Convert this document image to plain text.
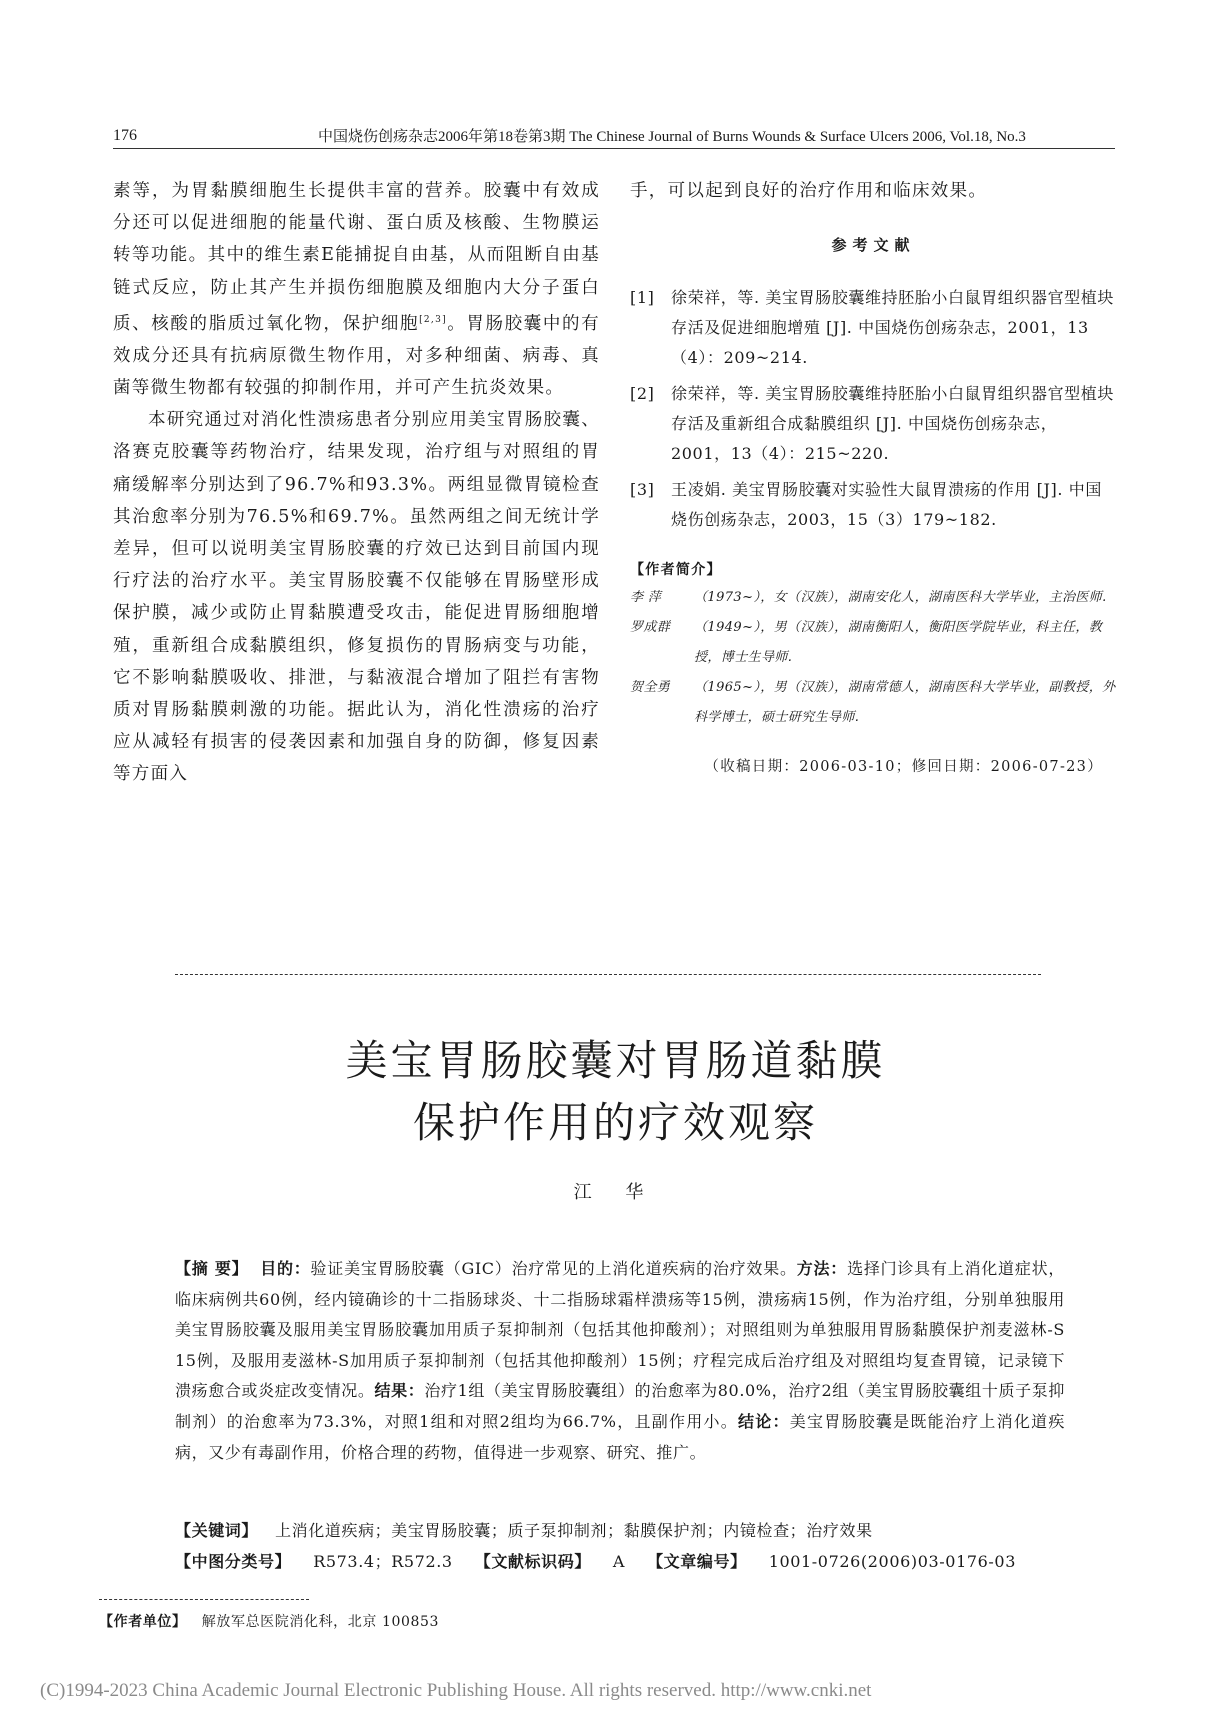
176	中国烧伤创疡杂志2006年第18卷第3期 The Chinese Journal of Burns Wounds & Surface Ulcers 2006, Vol.18, No.3

素等，为胃黏膜细胞生长提供丰富的营养。胶囊中有效成分还可以促进细胞的能量代谢、蛋白质及核酸、生物膜运转等功能。其中的维生素E能捕捉自由基，从而阻断自由基链式反应，防止其产生并损伤细胞膜及细胞内大分子蛋白质、核酸的脂质过氧化物，保护细胞[2,3]。胃肠胶囊中的有效成分还具有抗病原微生物作用，对多种细菌、病毒、真菌等微生物都有较强的抑制作用，并可产生抗炎效果。

本研究通过对消化性溃疡患者分别应用美宝胃肠胶囊、洛赛克胶囊等药物治疗，结果发现，治疗组与对照组的胃痛缓解率分别达到了96.7%和93.3%。两组显微胃镜检查其治愈率分别为76.5%和69.7%。虽然两组之间无统计学差异，但可以说明美宝胃肠胶囊的疗效已达到目前国内现行疗法的治疗水平。美宝胃肠胶囊不仅能够在胃肠壁形成保护膜，减少或防止胃黏膜遭受攻击，能促进胃肠细胞增殖，重新组合成黏膜组织，修复损伤的胃肠病变与功能，它不影响黏膜吸收、排泄，与黏液混合增加了阻拦有害物质对胃肠黏膜刺激的功能。据此认为，消化性溃疡的治疗应从减轻有损害的侵袭因素和加强自身的防御，修复因素等方面入

手，可以起到良好的治疗作用和临床效果。

参考文献
[1] 徐荣祥，等. 美宝胃肠胶囊维持胚胎小白鼠胃组织器官型植块存活及促进细胞增殖 [J]. 中国烧伤创疡杂志，2001，13（4）：209~214.
[2] 徐荣祥，等. 美宝胃肠胶囊维持胚胎小白鼠胃组织器官型植块存活及重新组合成黏膜组织 [J]. 中国烧伤创疡杂志，2001，13（4）：215~220.
[3] 王凌娟. 美宝胃肠胶囊对实验性大鼠胃溃疡的作用 [J]. 中国烧伤创疡杂志，2003，15（3）179~182.
【作者简介】
李 萍	（1973~），女（汉族），湖南安化人，湖南医科大学毕业，主治医师.
罗成群 （1949~），男（汉族），湖南衡阳人，衡阳医学院毕业，科主任，教授，博士生导师.
贺全勇 （1965~），男（汉族），湖南常德人，湖南医科大学毕业，副教授，外科学博士，硕士研究生导师.
（收稿日期：2006-03-10；修回日期：2006-07-23）
美宝胃肠胶囊对胃肠道黏膜
保护作用的疗效观察
江 华
【摘 要】 目的：验证美宝胃肠胶囊（GIC）治疗常见的上消化道疾病的治疗效果。方法：选择门诊具有上消化道症状，临床病例共60例，经内镜确诊的十二指肠球炎、十二指肠球霜样溃疡等15例，溃疡病15例，作为治疗组，分别单独服用美宝胃肠胶囊及服用美宝胃肠胶囊加用质子泵抑制剂（包括其他抑酸剂）；对照组则为单独服用胃肠黏膜保护剂麦滋林-S 15例，及服用麦滋林-S加用质子泵抑制剂（包括其他抑酸剂）15例；疗程完成后治疗组及对照组均复查胃镜，记录镜下溃疡愈合或炎症改变情况。结果：治疗1组（美宝胃肠胶囊组）的治愈率为80.0%，治疗2组（美宝胃肠胶囊组十质子泵抑制剂）的治愈率为73.3%，对照1组和对照2组均为66.7%，且副作用小。结论：美宝胃肠胶囊是既能治疗上消化道疾病，又少有毒副作用，价格合理的药物，值得进一步观察、研究、推广。
【关键词】 上消化道疾病；美宝胃肠胶囊；质子泵抑制剂；黏膜保护剂；内镜检查；治疗效果
【中图分类号】 R573.4；R572.3 【文献标识码】 A 【文章编号】 1001-0726(2006)03-0176-03
【作者单位】 解放军总医院消化科，北京 100853
(C)1994-2023 China Academic Journal Electronic Publishing House. All rights reserved. http://www.cnki.net
